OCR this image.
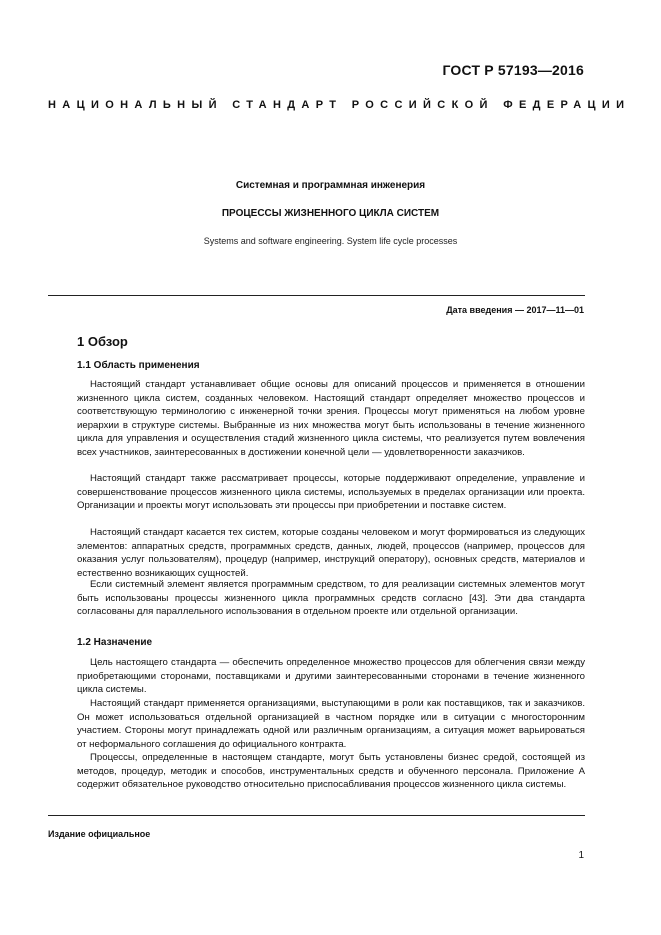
ГОСТ Р 57193—2016
НАЦИОНАЛЬНЫЙ СТАНДАРТ РОССИЙСКОЙ ФЕДЕРАЦИИ
Системная и программная инженерия
ПРОЦЕССЫ ЖИЗНЕННОГО ЦИКЛА СИСТЕМ
Systems and software engineering. System life cycle processes
Дата введения — 2017—11—01
1 Обзор
1.1 Область применения

Настоящий стандарт устанавливает общие основы для описаний процессов и применяется в отношении жизненного цикла систем, созданных человеком. Настоящий стандарт определяет множество процессов и соответствующую терминологию с инженерной точки зрения. Процессы могут применяться на любом уровне иерархии в структуре системы. Выбранные из них множества могут быть использованы в течение жизненного цикла для управления и осуществления стадий жизненного цикла системы, что реализуется путем вовлечения всех участников, заинтересованных в достижении конечной цели — удовлетворенности заказчиков.

Настоящий стандарт также рассматривает процессы, которые поддерживают определение, управление и совершенствование процессов жизненного цикла системы, используемых в пределах организации или проекта. Организации и проекты могут использовать эти процессы при приобретении и поставке систем.

Настоящий стандарт касается тех систем, которые созданы человеком и могут формироваться из следующих элементов: аппаратных средств, программных средств, данных, людей, процессов (например, процессов для оказания услуг пользователям), процедур (например, инструкций оператору), основных средств, материалов и естественно возникающих сущностей.

Если системный элемент является программным средством, то для реализации системных элементов могут быть использованы процессы жизненного цикла программных средств согласно [43]. Эти два стандарта согласованы для параллельного использования в отдельном проекте или отдельной организации.

1.2 Назначение

Цель настоящего стандарта — обеспечить определенное множество процессов для облегчения связи между приобретающими сторонами, поставщиками и другими заинтересованными сторонами в течение жизненного цикла системы.

Настоящий стандарт применяется организациями, выступающими в роли как поставщиков, так и заказчиков. Он может использоваться отдельной организацией в частном порядке или в ситуации с многосторонним участием. Стороны могут принадлежать одной или различным организациям, а ситуация может варьироваться от неформального соглашения до официального контракта.

Процессы, определенные в настоящем стандарте, могут быть установлены бизнес средой, состоящей из методов, процедур, методик и способов, инструментальных средств и обученного персонала. Приложение А содержит обязательное руководство относительно приспосабливания процессов жизненного цикла системы.

Издание официальное
1
